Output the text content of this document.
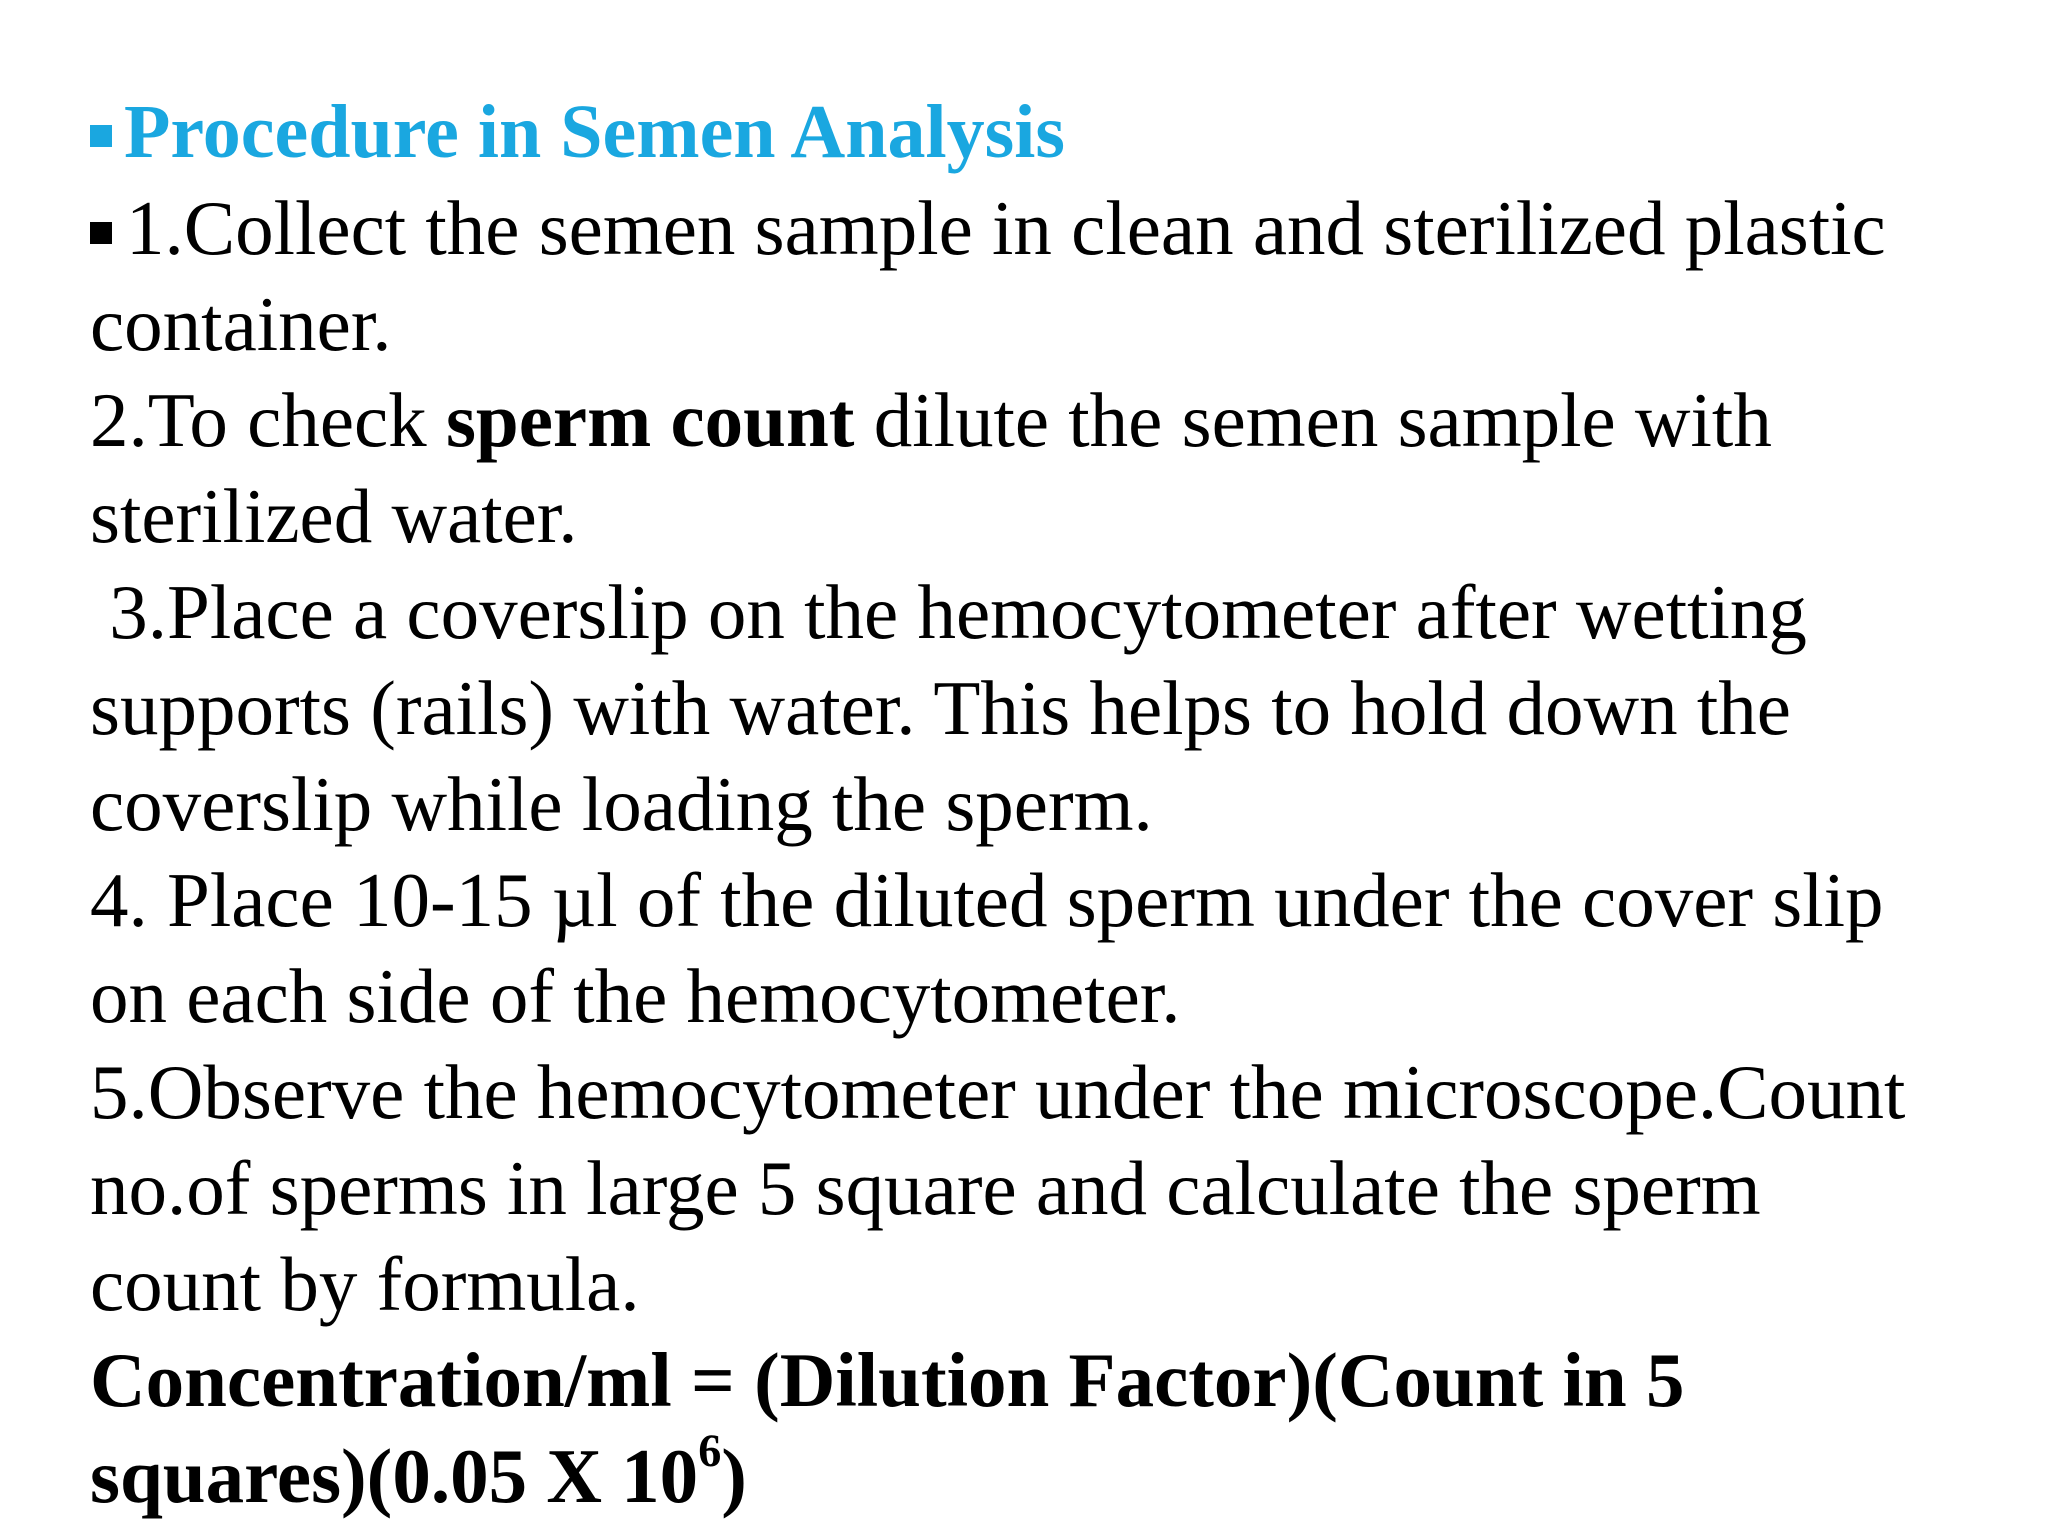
Procedure in Semen Analysis
1.Collect the semen sample in clean and sterilized plastic
container.
2.To check sperm count dilute the semen sample with
sterilized water.
3.Place a coverslip on the hemocytometer after wetting
supports (rails) with water. This helps to hold down the
coverslip while loading the sperm.
4. Place 10-15 µl of the diluted sperm under the cover slip
on each side of the hemocytometer.
5.Observe the hemocytometer under the microscope.Count
no.of sperms in large 5 square and calculate the sperm
count by formula.
Concentration/ml = (Dilution Factor)(Count in 5
squares)(0.05 X $10^6$)
